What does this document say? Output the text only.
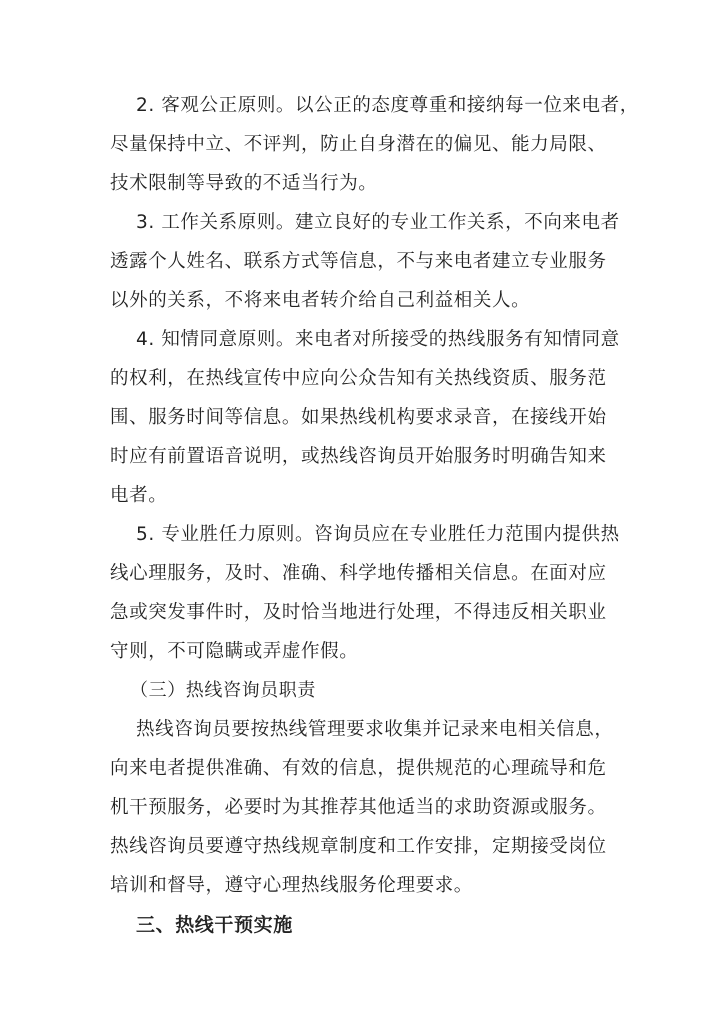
2. 客观公正原则。以公正的态度尊重和接纳每一位来电者，
尽量保持中立、不评判，防止自身潜在的偏见、能力局限、
技术限制等导致的不适当行为。
3. 工作关系原则。建立良好的专业工作关系，不向来电者
透露个人姓名、联系方式等信息，不与来电者建立专业服务
以外的关系，不将来电者转介给自己利益相关人。
4. 知情同意原则。来电者对所接受的热线服务有知情同意
的权利，在热线宣传中应向公众告知有关热线资质、服务范
围、服务时间等信息。如果热线机构要求录音，在接线开始
时应有前置语音说明，或热线咨询员开始服务时明确告知来
电者。
5. 专业胜任力原则。咨询员应在专业胜任力范围内提供热
线心理服务，及时、准确、科学地传播相关信息。在面对应
急或突发事件时，及时恰当地进行处理，不得违反相关职业
守则，不可隐瞒或弄虚作假。
（三）热线咨询员职责
热线咨询员要按热线管理要求收集并记录来电相关信息，
向来电者提供准确、有效的信息，提供规范的心理疏导和危
机干预服务，必要时为其推荐其他适当的求助资源或服务。
热线咨询员要遵守热线规章制度和工作安排，定期接受岗位
培训和督导，遵守心理热线服务伦理要求。
三、热线干预实施
